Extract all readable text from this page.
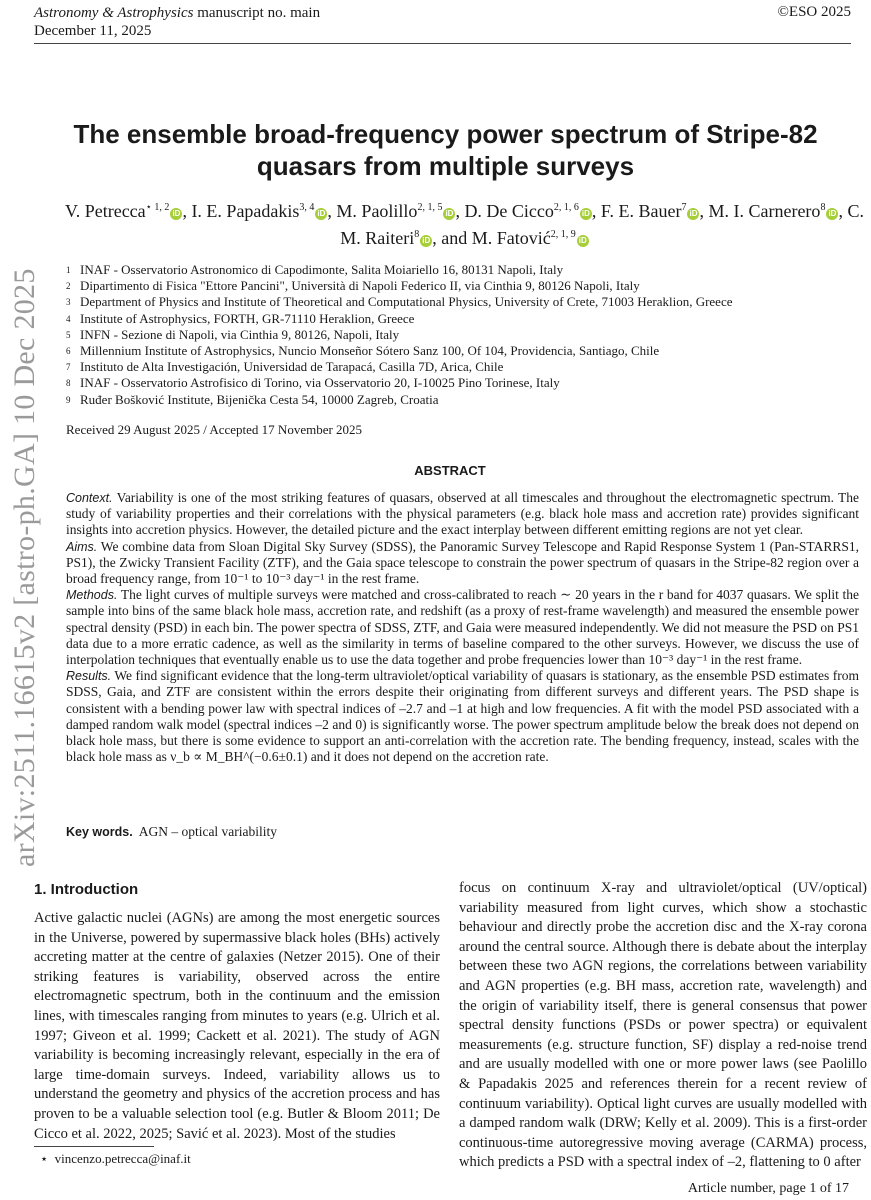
Astronomy & Astrophysics manuscript no. main
December 11, 2025
©ESO 2025
arXiv:2511.16615v2 [astro-ph.GA] 10 Dec 2025
The ensemble broad-frequency power spectrum of Stripe-82 quasars from multiple surveys
V. Petrecca$^{⋆ 1, 2}$iD , I. E. Papadakis$^{3, 4}$iD , M. Paolillo$^{2, 1, 5}$iD , D. De Cicco$^{2, 1, 6}$iD , F. E. Bauer$^7$iD , M. I. Carnerero$^8$iD , C. M. Raiteri$^8$iD , and M. Fatović$^{2, 1, 9}$iD
1 INAF - Osservatorio Astronomico di Capodimonte, Salita Moiariello 16, 80131 Napoli, Italy
2 Dipartimento di Fisica "Ettore Pancini", Università di Napoli Federico II, via Cinthia 9, 80126 Napoli, Italy
3 Department of Physics and Institute of Theoretical and Computational Physics, University of Crete, 71003 Heraklion, Greece
4 Institute of Astrophysics, FORTH, GR-71110 Heraklion, Greece
5 INFN - Sezione di Napoli, via Cinthia 9, 80126, Napoli, Italy
6 Millennium Institute of Astrophysics, Nuncio Monseñor Sótero Sanz 100, Of 104, Providencia, Santiago, Chile
7 Instituto de Alta Investigación, Universidad de Tarapacá, Casilla 7D, Arica, Chile
8 INAF - Osservatorio Astrofisico di Torino, via Osservatorio 20, I-10025 Pino Torinese, Italy
9 Ruđer Bošković Institute, Bijenička Cesta 54, 10000 Zagreb, Croatia
Received 29 August 2025 / Accepted 17 November 2025
ABSTRACT

Context. Variability is one of the most striking features of quasars, observed at all timescales and throughout the electromagnetic spectrum. The study of variability properties and their correlations with the physical parameters (e.g. black hole mass and accretion rate) provides significant insights into accretion physics. However, the detailed picture and the exact interplay between different emitting regions are not yet clear.

Aims. We combine data from Sloan Digital Sky Survey (SDSS), the Panoramic Survey Telescope and Rapid Response System 1 (Pan-STARRS1, PS1), the Zwicky Transient Facility (ZTF), and the Gaia space telescope to constrain the power spectrum of quasars in the Stripe-82 region over a broad frequency range, from 10⁻¹ to 10⁻³ day⁻¹ in the rest frame.

Methods. The light curves of multiple surveys were matched and cross-calibrated to reach ∼ 20 years in the r band for 4037 quasars. We split the sample into bins of the same black hole mass, accretion rate, and redshift (as a proxy of rest-frame wavelength) and measured the ensemble power spectral density (PSD) in each bin. The power spectra of SDSS, ZTF, and Gaia were measured independently. We did not measure the PSD on PS1 data due to a more erratic cadence, as well as the similarity in terms of baseline compared to the other surveys. However, we discuss the use of interpolation techniques that eventually enable us to use the data together and probe frequencies lower than 10⁻³ day⁻¹ in the rest frame.

Results. We find significant evidence that the long-term ultraviolet/optical variability of quasars is stationary, as the ensemble PSD estimates from SDSS, Gaia, and ZTF are consistent within the errors despite their originating from different surveys and different years. The PSD shape is consistent with a bending power law with spectral indices of –2.7 and –1 at high and low frequencies. A fit with the model PSD associated with a damped random walk model (spectral indices –2 and 0) is significantly worse. The power spectrum amplitude below the break does not depend on black hole mass, but there is some evidence to support an anti-correlation with the accretion rate. The bending frequency, instead, scales with the black hole mass as ν_b ∝ M_BH^(−0.6±0.1) and it does not depend on the accretion rate.

Key words. AGN – optical variability
1. Introduction

Active galactic nuclei (AGNs) are among the most energetic sources in the Universe, powered by supermassive black holes (BHs) actively accreting matter at the centre of galaxies (Netzer 2015). One of their striking features is variability, observed across the entire electromagnetic spectrum, both in the continuum and the emission lines, with timescales ranging from minutes to years (e.g. Ulrich et al. 1997; Giveon et al. 1999; Cackett et al. 2021). The study of AGN variability is becoming increasingly relevant, especially in the era of large time-domain surveys. Indeed, variability allows us to understand the geometry and physics of the accretion process and has proven to be a valuable selection tool (e.g. Butler & Bloom 2011; De Cicco et al. 2022, 2025; Savić et al. 2023). Most of the studies

focus on continuum X-ray and ultraviolet/optical (UV/optical) variability measured from light curves, which show a stochastic behaviour and directly probe the accretion disc and the X-ray corona around the central source. Although there is debate about the interplay between these two AGN regions, the correlations between variability and AGN properties (e.g. BH mass, accretion rate, wavelength) and the origin of variability itself, there is general consensus that power spectral density functions (PSDs or power spectra) or equivalent measurements (e.g. structure function, SF) display a red-noise trend and are usually modelled with one or more power laws (see Paolillo & Papadakis 2025 and references therein for a recent review of continuum variability). Optical light curves are usually modelled with a damped random walk (DRW; Kelly et al. 2009). This is a first-order continuous-time autoregressive moving average (CARMA) process, which predicts a PSD with a spectral index of –2, flattening to 0 after

⋆ vincenzo.petrecca@inaf.it
Article number, page 1 of 17
